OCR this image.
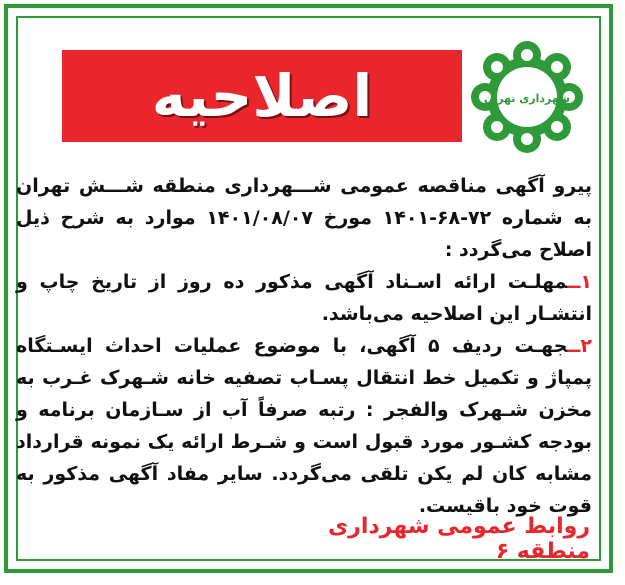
اصلاحیه	شهرداری تهران

پیرو آگهی مناقصه عمومی شـــهرداری منطقه شـــش تهران به شماره ۷۲-۶۸-۱۴۰۱ مورخ ۱۴۰۱/۰۸/۰۷ موارد به شرح ذیل اصلاح می‌گردد :

۱ــمهلـت ارائه اسـناد آگهی مذکور ده روز از تاریخ چاپ و انتشـار این اصلاحیه می‌باشد.

۲ــجهـت ردیف ۵ آگهی، با موضوع عملیات احداث ایسـتگاه پمپاژ و تکمیل خط انتقال پسـاب تصفیه خانه شـهرک غـرب به مخزن شـهرک والفجر : رتبه صرفاً آب از سـازمان برنامه و بودجه کشـور مورد قبول است و شـرط ارائه یک نمونه قرارداد مشابه کان لم یکن تلقی می‌گردد. سایر مفاد آگهی مذکور به قوت خود باقیست.

روابط عمومی شهرداری منطقه ۶
